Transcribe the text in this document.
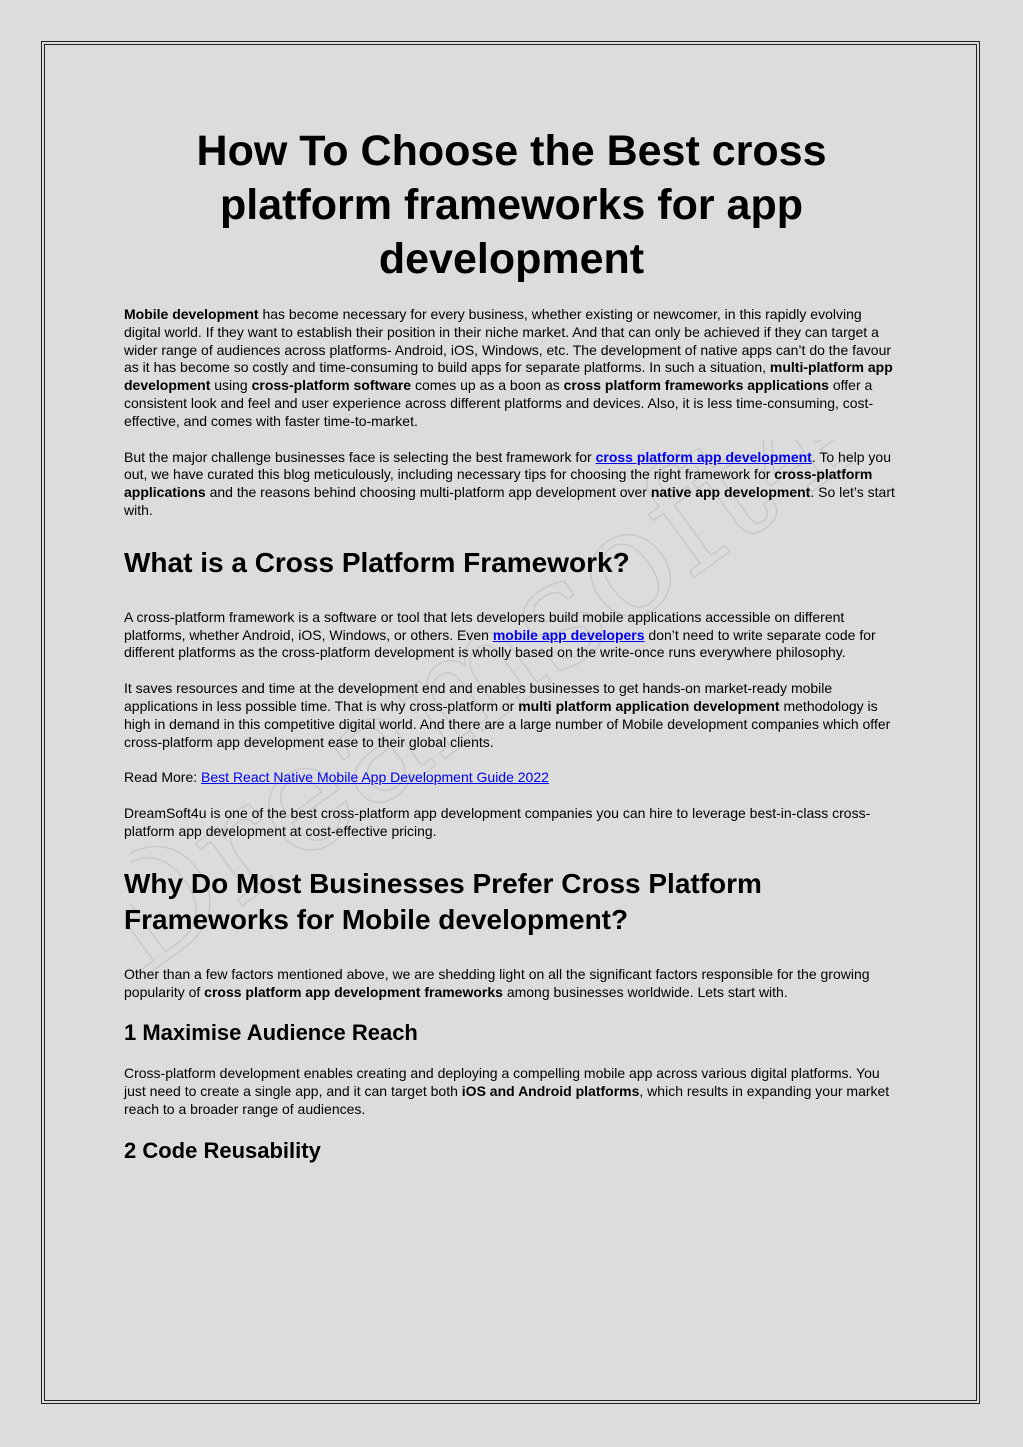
Dreamsoft4u
How To Choose the Best cross platform frameworks for app development

Mobile development has become necessary for every business, whether existing or newcomer, in this rapidly evolving digital world. If they want to establish their position in their niche market. And that can only be achieved if they can target a wider range of audiences across platforms- Android, iOS, Windows, etc. The development of native apps can’t do the favour as it has become so costly and time-consuming to build apps for separate platforms. In such a situation, multi-platform app development using cross-platform software comes up as a boon as cross platform frameworks applications offer a consistent look and feel and user experience across different platforms and devices. Also, it is less time-consuming, cost-effective, and comes with faster time-to-market.

But the major challenge businesses face is selecting the best framework for cross platform app development. To help you out, we have curated this blog meticulously, including necessary tips for choosing the right framework for cross-platform applications and the reasons behind choosing multi-platform app development over native app development. So let’s start with.

What is a Cross Platform Framework?

A cross-platform framework is a software or tool that lets developers build mobile applications accessible on different platforms, whether Android, iOS, Windows, or others. Even mobile app developers don’t need to write separate code for different platforms as the cross-platform development is wholly based on the write-once runs everywhere philosophy.

It saves resources and time at the development end and enables businesses to get hands-on market-ready mobile applications in less possible time. That is why cross-platform or multi platform application development methodology is high in demand in this competitive digital world. And there are a large number of Mobile development companies which offer cross-platform app development ease to their global clients.

Read More: Best React Native Mobile App Development Guide 2022

DreamSoft4u is one of the best cross-platform app development companies you can hire to leverage best-in-class cross-platform app development at cost-effective pricing.

Why Do Most Businesses Prefer Cross Platform Frameworks for Mobile development?

Other than a few factors mentioned above, we are shedding light on all the significant factors responsible for the growing popularity of cross platform app development frameworks among businesses worldwide. Lets start with.

1 Maximise Audience Reach

Cross-platform development enables creating and deploying a compelling mobile app across various digital platforms. You just need to create a single app, and it can target both iOS and Android platforms, which results in expanding your market reach to a broader range of audiences.

2 Code Reusability
